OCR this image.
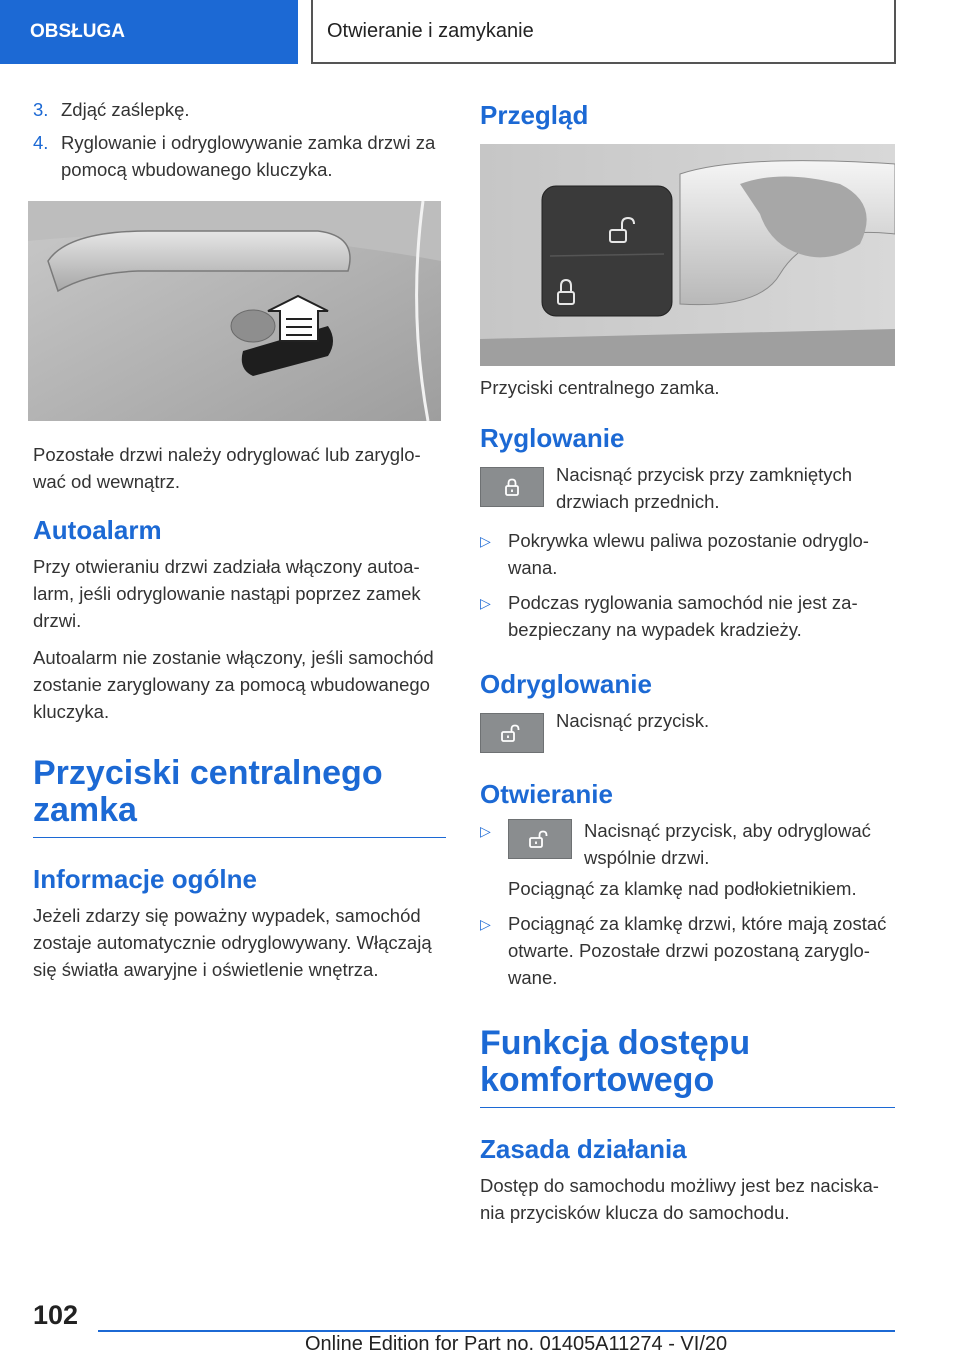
OBSŁUGA	Otwieranie i zamykanie
3. Zdjąć zaślepkę.
4. Ryglowanie i odryglowywanie zamka drzwi za pomocą wbudowanego kluczyka.

Pozostałe drzwi należy odryglować lub zaryglo‐wać od wewnątrz.

Autoalarm

Przy otwieraniu drzwi zadziała włączony autoa‐larm, jeśli odryglowanie nastąpi poprzez zamek drzwi.

Autoalarm nie zostanie włączony, jeśli samochód zostanie zaryglowany za pomocą wbudowanego kluczyka.

Przyciski centralnego zamka
Informacje ogólne

Jeżeli zdarzy się poważny wypadek, samochód zostaje automatycznie odryglowywany. Włączają się światła awaryjne i oświetlenie wnętrza.

Przegląd

Przyciski centralnego zamka.

Ryglowanie

Nacisnąć przycisk przy zamkniętych drzwiach przednich.

▷ Pokrywka wlewu paliwa pozostanie odryglo‐wana.
▷ Podczas ryglowania samochód nie jest za‐bezpieczany na wypadek kradzieży.
Odryglowanie

Nacisnąć przycisk.

Otwieranie
▷	Nacisnąć przycisk, aby odryglować wspólnie drzwi.
Pociągnąć za klamkę nad podłokietnikiem.
▷ Pociągnąć za klamkę drzwi, które mają zostać otwarte. Pozostałe drzwi pozostaną zaryglo‐wane.
Funkcja dostępu komfortowego
Zasada działania

Dostęp do samochodu możliwy jest bez naciska‐nia przycisków klucza do samochodu.

102
Online Edition for Part no. 01405A11274 - VI/20
